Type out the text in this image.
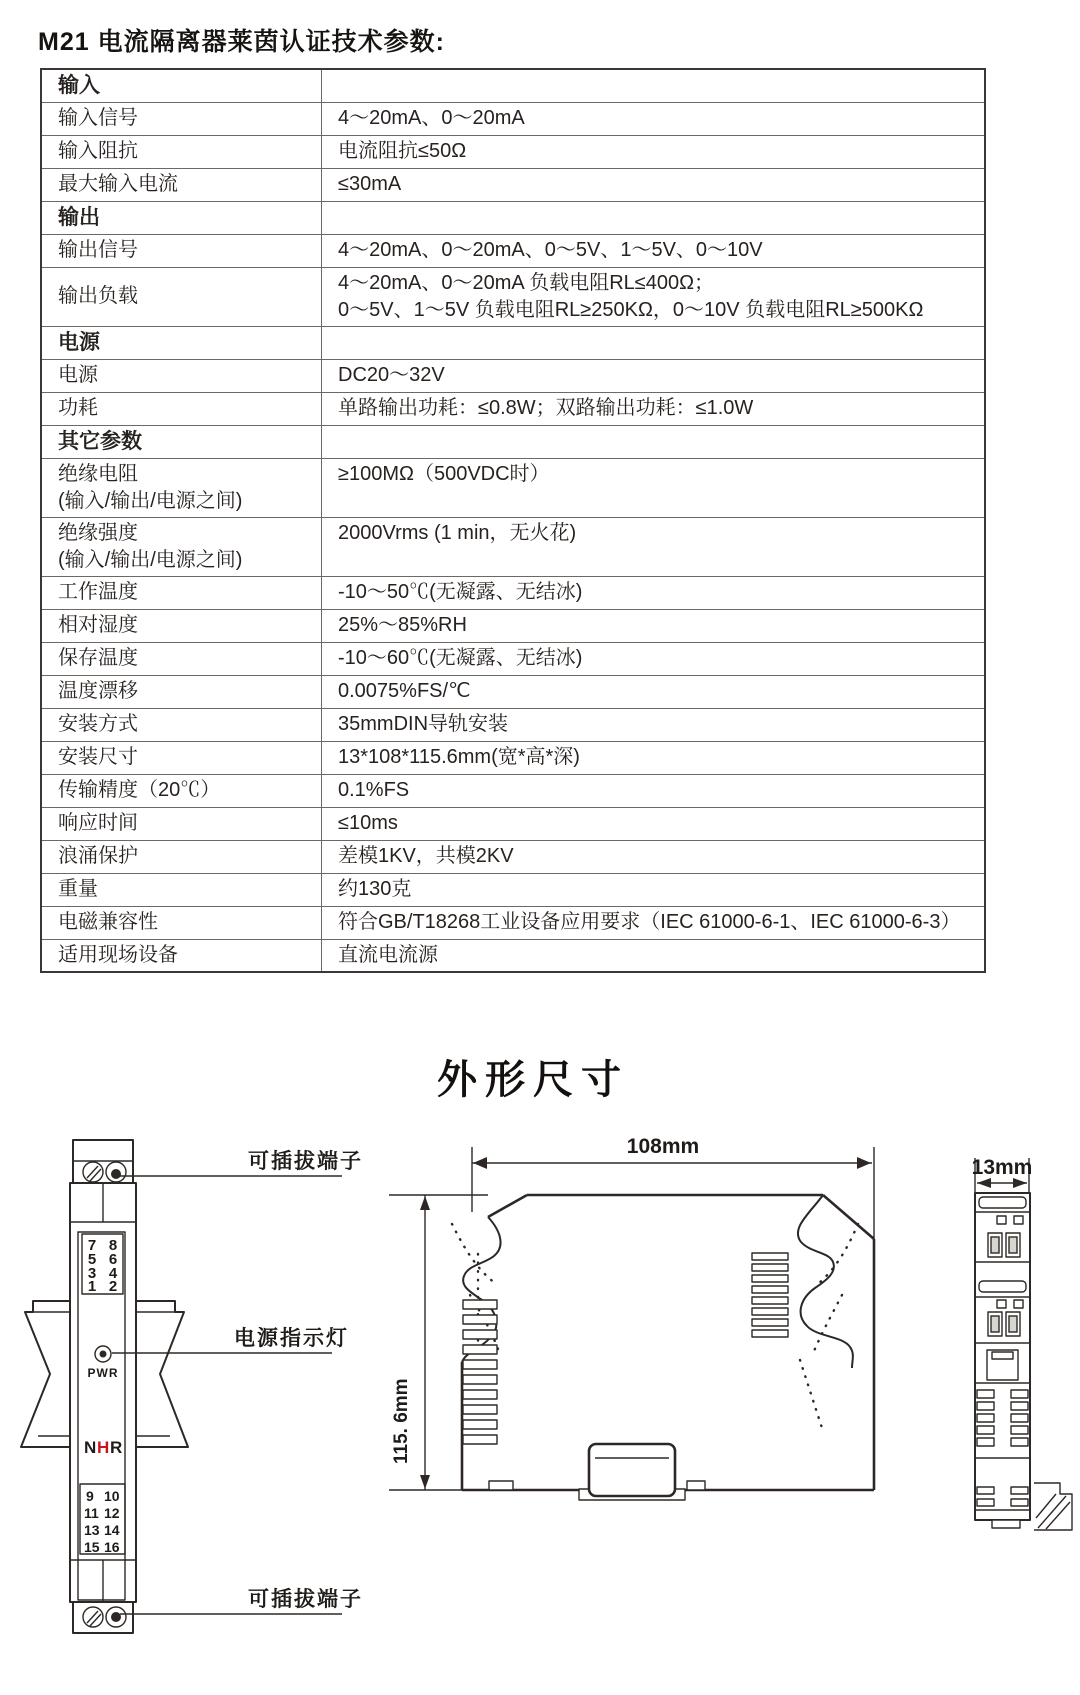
M21 电流隔离器莱茵认证技术参数:
输入	

输入信号	4～20mA、0～20mA

输入阻抗	电流阻抗≤50Ω

最大输入电流	≤30mA

输出	

输出信号	4～20mA、0～20mA、0～5V、1～5V、0～10V

输出负载	4～20mA、0～20mA 负载电阻RL≤400Ω；
0～5V、1～5V 负载电阻RL≥250KΩ，0～10V 负载电阻RL≥500KΩ

电源	

电源	DC20～32V

功耗	单路输出功耗：≤0.8W；双路输出功耗：≤1.0W

其它参数	

绝缘电阻
(输入/输出/电源之间)	≥100MΩ（500VDC时）

绝缘强度
(输入/输出/电源之间)	2000Vrms (1 min，无火花)

工作温度	-10～50℃(无凝露、无结冰)

相对湿度	25%～85%RH

保存温度	-10～60℃(无凝露、无结冰)

温度漂移	0.0075%FS/℃

安装方式	35mmDIN导轨安装

安装尺寸	13*108*115.6mm(宽*高*深)

传输精度（20℃）	0.1%FS

响应时间	≤10ms

浪涌保护	差模1KV，共模2KV

重量	约130克

电磁兼容性	符合GB/T18268工业设备应用要求（IEC 61000-6-1、IEC 61000-6-3）

适用现场设备	直流电流源
外形尺寸
7 8
5 6
3 4
1 2
PWR
N H R
9 10
11 12
13 14
15 16
可插拔端子
电源指示灯
可插拔端子
115. 6mm
108mm
13mm
